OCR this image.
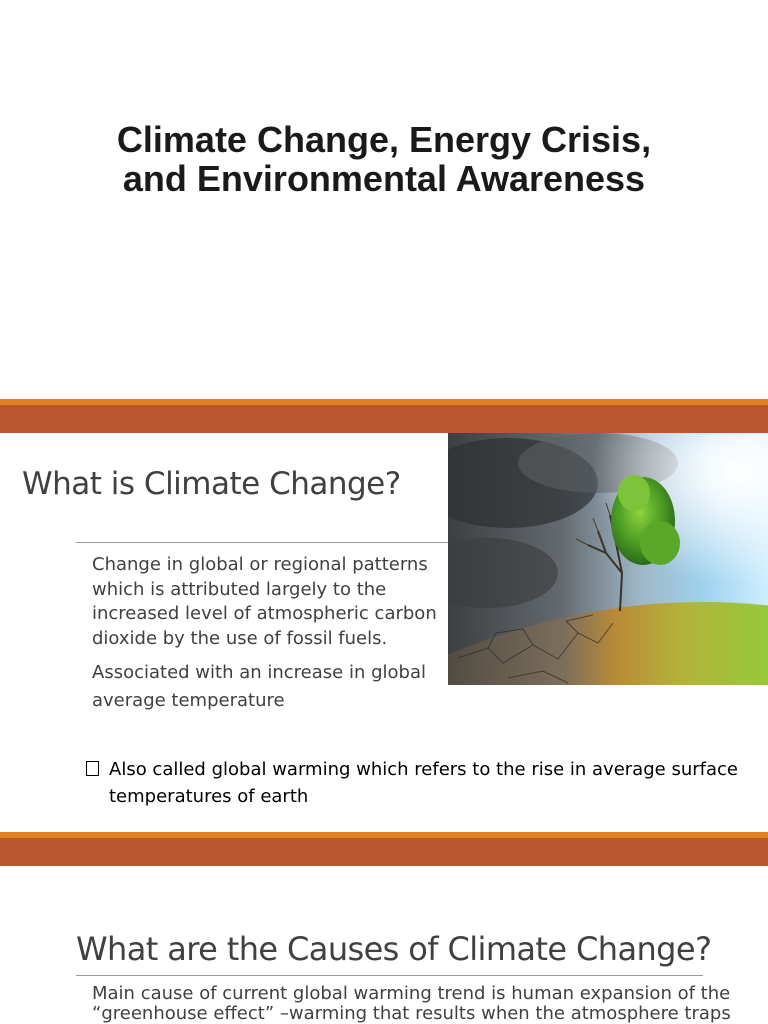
Climate Change, Energy Crisis, and Environmental Awareness
What is Climate Change?

Change in global or regional patterns which is attributed largely to the increased level of atmospheric carbon dioxide by the use of fossil fuels.

Associated with an increase in global average temperature

Also called global warming which refers to the rise in average surface temperatures of earth
What are the Causes of Climate Change?

Main cause of current global warming trend is human expansion of the
“greenhouse effect” –warming that results when the atmosphere traps
